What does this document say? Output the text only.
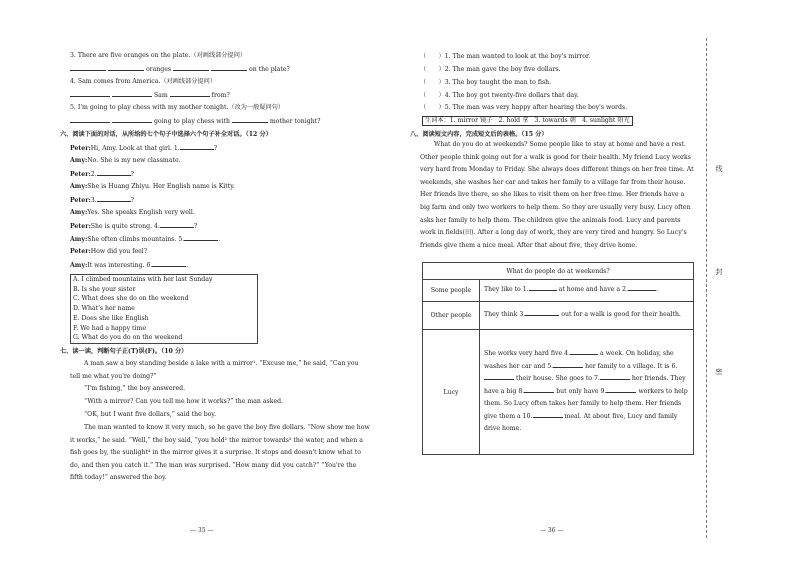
3. There are five oranges on the plate.（对画线部分提问）
oranges	on the plate?
4. Sam comes from America.（对画线部分提问）
Sam	from?
5. I'm going to play chess with my mother tonight.（改为一般疑问句）
going to play chess with	mother tonight?
六、阅读下面的对话，从所给的七个句子中选择六个句子补全对话。（12 分）
Peter:Hi, Amy. Look at that girl. 1.	?
Amy:No. She is my new classmate.
Peter:2.	?
Amy:She is Huang Zhiyu. Her English name is Kitty.
Peter:3.	?
Amy:Yes. She speaks English very well.
Peter:She is quite strong. 4.	?
Amy:She often climbs mountains. 5.	.
Peter:How did you feel?
Amy:It was interesting. 6.	.
A. I climbed mountains with her last Sunday
B. Is she your sister
C. What does she do on the weekend
D. What's her name
E. Does she like English
F. We had a happy time
G. What do you do on the weekend
七、读一读，判断句子正(T)误(F)。（10 分）
A man saw a boy standing beside a lake with a mirror¹. “Excuse me,” he said, “Can you tell me what you're doing?”
“I'm fishing,” the boy answered.
“With a mirror? Can you tell me how it works?” the man asked.
“OK, but I want five dollars,” said the boy.
The man wanted to know it very much, so he gave the boy five dollars. “Now show me how it works,” he said. “Well,” the boy said, “you hold² the mirror towards³ the water, and when a fish goes by, the sunlight⁴ in the mirror gives it a surprise. It stops and doesn't know what to do, and then you catch it.” The man was surprised. “How many did you catch?” “You're the fifth today!” answered the boy.
— 35 —
（　　）1. The man wanted to look at the boy's mirror.
（　　）2. The man gave the boy five dollars.
（　　）3. The boy taught the man to fish.
（　　）4. The boy got twenty-five dollars that day.
（　　）5. The man was very happy after hearing the boy's words.
生词本：1. mirror 镜子　2. hold 拿　3. towards 朝　4. sunlight 阳光
八、阅读短文内容，完成短文后的表格。（15 分）
What do you do at weekends? Some people like to stay at home and have a rest. Other people think going out for a walk is good for their health. My friend Lucy works very hard from Monday to Friday. She always does different things on her free time. At weekends, she washes her car and takes her family to a village far from their house. Her friends live there, so she likes to visit them on her free time. Her friends have a big farm and only two workers to help them. So they are usually very busy. Lucy often asks her family to help them. The children give the animals food. Lucy and parents work in fields(田). After a long day of work, they are very tired and hungry. So Lucy's friends give them a nice meal. After that about five, they drive home.
What do people do at weekends?	
Some people	They like to 1. at home and have a 2. .
Other people	They think 3. out for a walk is good for their health.
Lucy	She works very hard five 4. a week. On holiday, she washes her car and 5. her family to a village. It is 6. their house. She goes to 7. her friends. They have a big 8. but only have 9. workers to help them. So Lucy often takes her family to help them. Her friends give them a 10. meal. At about five, Lucy and family drive home.
— 36 —
线
封
密
